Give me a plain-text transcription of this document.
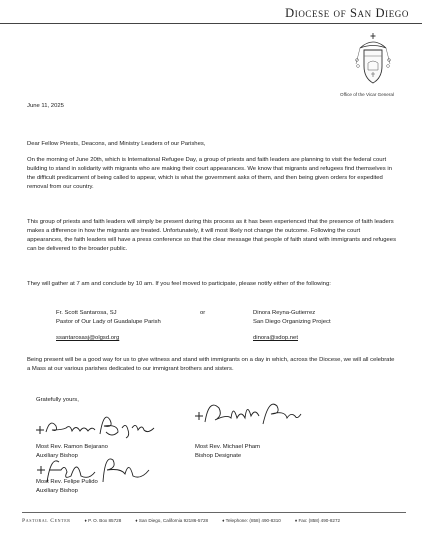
Diocese of San Diego
Office of the Vicar General
June 11, 2025
Dear Fellow Priests, Deacons, and Ministry Leaders of our Parishes,
On the morning of June 20th, which is International Refugee Day, a group of priests and faith leaders are planning to visit the federal court building to stand in solidarity with migrants who are making their court appearances. We know that migrants and refugees find themselves in the difficult predicament of being called to appear, which is what the government asks of them, and then being given orders for expedited removal from our country.
This group of priests and faith leaders will simply be present during this process as it has been experienced that the presence of faith leaders makes a difference in how the migrants are treated. Unfortunately, it will most likely not change the outcome. Following the court appearances, the faith leaders will have a press conference so that the clear message that people of faith stand with immigrants and refugees can be delivered to the broader public.
They will gather at 7 am and conclude by 10 am. If you feel moved to participate, please notify either of the following:
Fr. Scott Santarosa, SJ
Pastor of Our Lady of Guadalupe Parish
ssantarosasj@olgsd.org
or	Dinora Reyna-Gutierrez
San Diego Organizing Project
dinora@sdop.net
Being present will be a good way for us to give witness and stand with immigrants on a day in which, across the Diocese, we will all celebrate a Mass at our various parishes dedicated to our immigrant brothers and sisters.
Gratefully yours,
Most Rev. Ramon Bejarano
Auxiliary Bishop
Most Rev. Michael Pham
Bishop Designate
Most Rev. Felipe Pulido
Auxiliary Bishop
Pastoral Center	♦ P. O. Box 85728	♦ San Diego, California 92186-5728	♦ Telephone: (858) 490-8310	♦ Fax: (858) 490-8272
